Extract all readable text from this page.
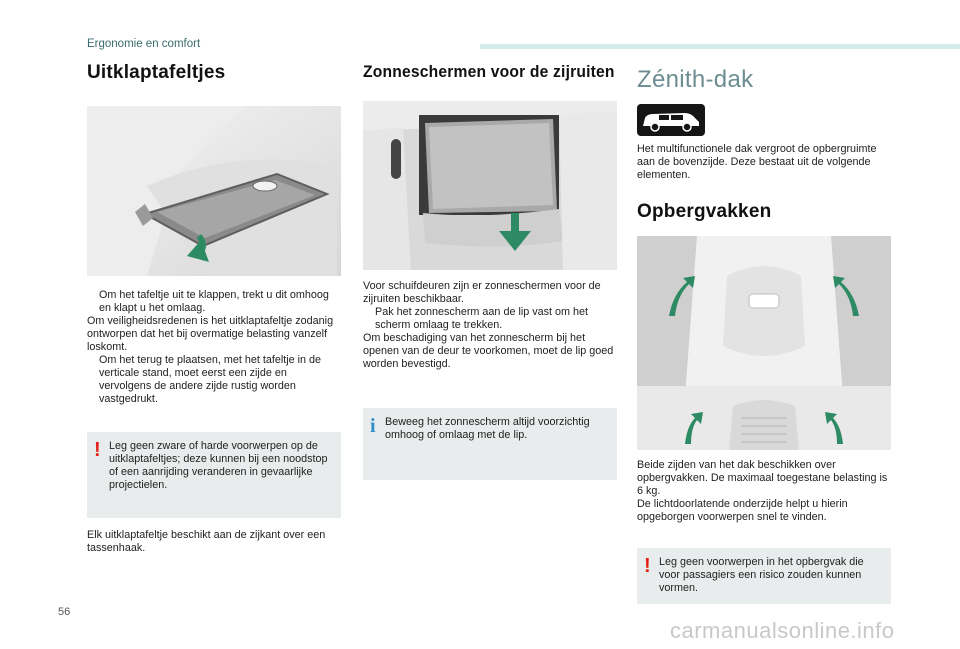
Ergonomie en comfort
Uitklaptafeltjes
Om het tafeltje uit te klappen, trekt u dit omhoog en klapt u het omlaag.
Om veiligheidsredenen is het uitklaptafeltje zodanig ontworpen dat het bij overmatige belasting vanzelf loskomt.
Om het terug te plaatsen, met het tafeltje in de verticale stand, moet eerst een zijde en vervolgens de andere zijde rustig worden vastgedrukt.
! Leg geen zware of harde voorwerpen op de uitklaptafeltjes; deze kunnen bij een noodstop of een aanrijding veranderen in gevaarlijke projectielen.
Elk uitklaptafeltje beschikt aan de zijkant over een tassenhaak.
Zonneschermen voor de zijruiten
Voor schuifdeuren zijn er zonneschermen voor de zijruiten beschikbaar.
Pak het zonnescherm aan de lip vast om het scherm omlaag te trekken.
Om beschadiging van het zonnescherm bij het openen van de deur te voorkomen, moet de lip goed worden bevestigd.
i Beweeg het zonnescherm altijd voorzichtig omhoog of omlaag met de lip.
Zénith-dak
Het multifunctionele dak vergroot de opbergruimte aan de bovenzijde. Deze bestaat uit de volgende elementen.
Opbergvakken
Beide zijden van het dak beschikken over opbergvakken. De maximaal toegestane belasting is 6 kg.
De lichtdoorlatende onderzijde helpt u hierin opgeborgen voorwerpen snel te vinden.
! Leg geen voorwerpen in het opbergvak die voor passagiers een risico zouden kunnen vormen.
56
carmanualsonline.info
